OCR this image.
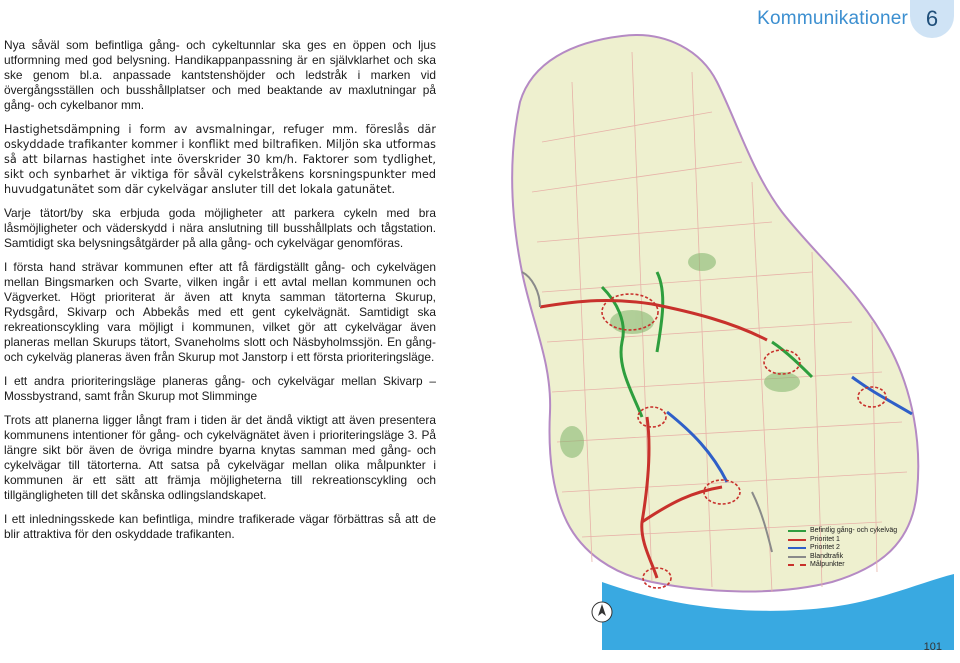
Kommunikationer 6

Nya såväl som befintliga gång- och cykeltunnlar ska ges en öppen och ljus utformning med god belysning. Handikappanpassning är en självklarhet och ska ske genom bl.a. anpassade kantstenshöjder och ledstråk i marken vid övergångsställen och busshållplatser och med beaktande av maxlutningar på gång- och cykelbanor mm.

Hastighetsdämpning i form av avsmalningar, refuger mm. föreslås där oskyddade trafikanter kommer i konflikt med biltrafiken. Miljön ska utformas så att bilarnas hastighet inte överskrider 30 km/h. Faktorer som tydlighet, sikt och synbarhet är viktiga för såväl cykelstråkens korsningspunkter med huvudgatunätet som där cykelvägar ansluter till det lokala gatunätet.

Varje tätort/by ska erbjuda goda möjligheter att parkera cykeln med bra låsmöjligheter och väderskydd i nära anslutning till busshållplats och tågstation. Samtidigt ska belysningsåtgärder på alla gång- och cykelvägar genomföras.

I första hand strävar kommunen efter att få färdigställt gång- och cykelvägen mellan Bingsmarken och Svarte, vilken ingår i ett avtal mellan kommunen och Vägverket. Högt prioriterat är även att knyta samman tätorterna Skurup, Rydsgård, Skivarp och Abbekås med ett gent cykelvägnät. Samtidigt ska rekreationscykling vara möjligt i kommunen, vilket gör att cykelvägar även planeras mellan Skurups tätort, Svaneholms slott och Näsbyholmssjön. En gång- och cykelväg planeras även från Skurup mot Janstorp i ett första prioriteringsläge.

I ett andra prioriteringsläge planeras gång- och cykelvägar mellan Skivarp – Mossbystrand, samt från Skurup mot Slimminge

Trots att planerna ligger långt fram i tiden är det ändå viktigt att även presentera kommunens intentioner för gång- och cykelvägnätet även i prioriteringsläge 3. På längre sikt bör även de övriga mindre byarna knytas samman med gång- och cykelvägar till tätorterna. Att satsa på cykelvägar mellan olika målpunkter i kommunen är ett sätt att främja möjligheterna till rekreationscykling och tillgängligheten till det skånska odlingslandskapet.

I ett inledningsskede kan befintliga, mindre trafikerade vägar förbättras så att de blir attraktiva för den oskyddade trafikanten.	Befintlig gång- och cykelväg
Prioritet 1
Prioritet 2
Blandtrafik
Målpunkter
101
